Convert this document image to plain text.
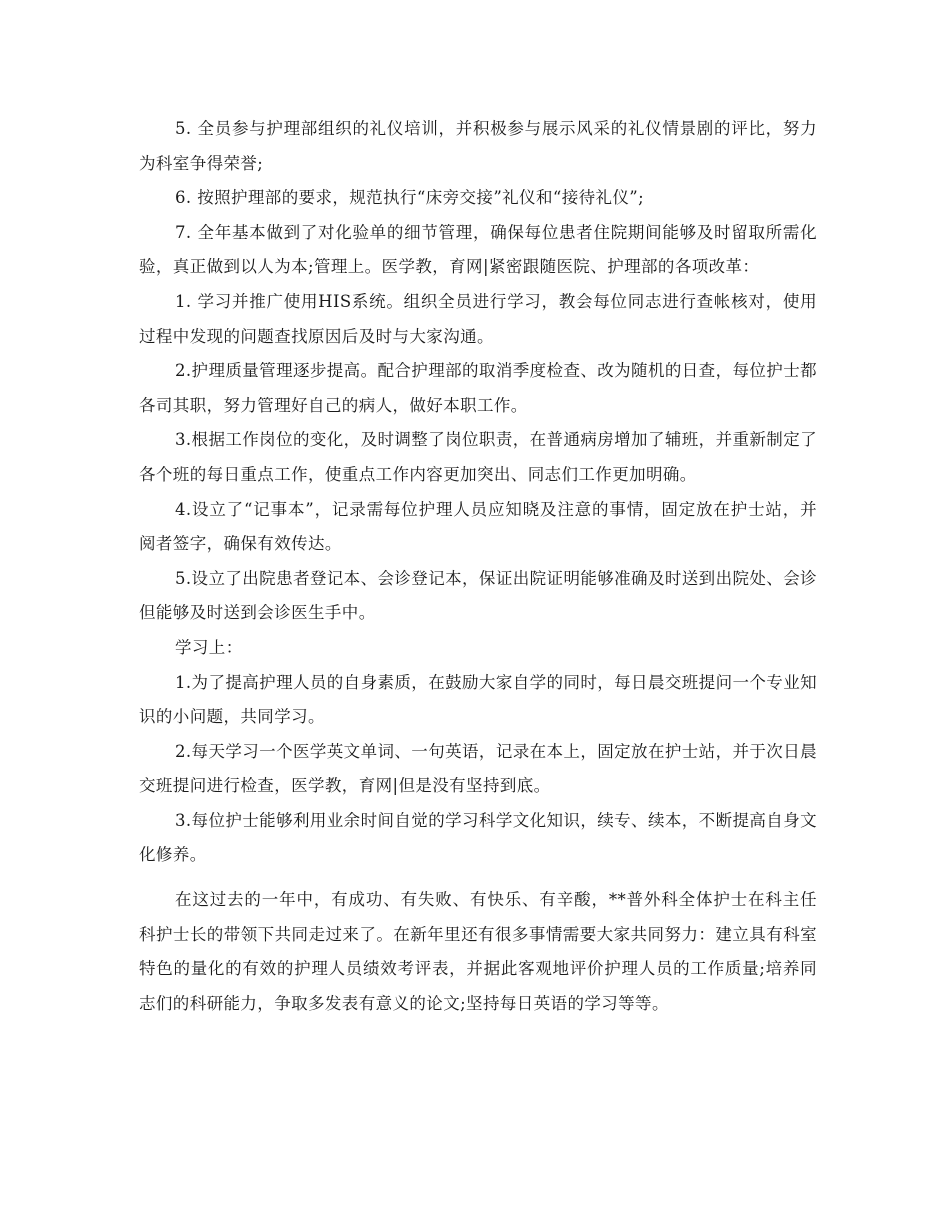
5. 全员参与护理部组织的礼仪培训，并积极参与展示风采的礼仪情景剧的评比，努力为科室争得荣誉;

6. 按照护理部的要求，规范执行“床旁交接”礼仪和“接待礼仪”;

7. 全年基本做到了对化验单的细节管理，确保每位患者住院期间能够及时留取所需化验，真正做到以人为本;管理上。医学教，育网|紧密跟随医院、护理部的各项改革：

1. 学习并推广使用HIS系统。组织全员进行学习，教会每位同志进行查帐核对，使用过程中发现的问题查找原因后及时与大家沟通。

2.护理质量管理逐步提高。配合护理部的取消季度检查、改为随机的日查，每位护士都各司其职，努力管理好自己的病人，做好本职工作。

3.根据工作岗位的变化，及时调整了岗位职责，在普通病房增加了辅班，并重新制定了各个班的每日重点工作，使重点工作内容更加突出、同志们工作更加明确。

4.设立了“记事本”，记录需每位护理人员应知晓及注意的事情，固定放在护士站，并阅者签字，确保有效传达。

5.设立了出院患者登记本、会诊登记本，保证出院证明能够准确及时送到出院处、会诊但能够及时送到会诊医生手中。

学习上：

1.为了提高护理人员的自身素质，在鼓励大家自学的同时，每日晨交班提问一个专业知识的小问题，共同学习。

2.每天学习一个医学英文单词、一句英语，记录在本上，固定放在护士站，并于次日晨交班提问进行检查，医学教，育网|但是没有坚持到底。

3.每位护士能够利用业余时间自觉的学习科学文化知识，续专、续本，不断提高自身文化修养。

在这过去的一年中，有成功、有失败、有快乐、有辛酸，**普外科全体护士在科主任科护士长的带领下共同走过来了。在新年里还有很多事情需要大家共同努力：建立具有科室特色的量化的有效的护理人员绩效考评表，并据此客观地评价护理人员的工作质量;培养同志们的科研能力，争取多发表有意义的论文;坚持每日英语的学习等等。
